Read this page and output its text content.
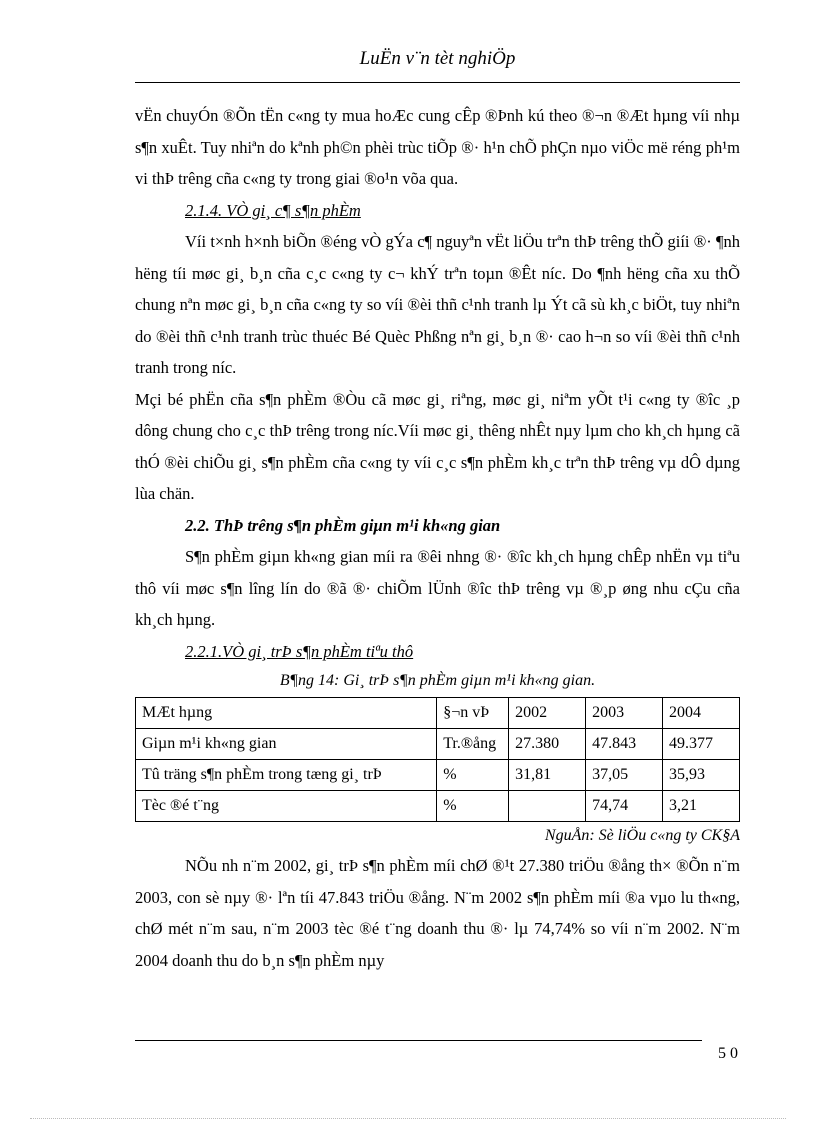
LuËn v¨n tèt nghiÖp

vËn chuyÓn ®Õn tËn c«ng ty mua hoÆc cung cÊp ®Þnh kú theo ®¬n ®Æt hµng víi nhµ s¶n xuÊt. Tuy nhiªn do kªnh ph©n phèi trùc tiÕp ®· h¹n chÕ phÇn nµo viÖc më réng ph¹m vi thÞ trêng cña c«ng ty trong giai ®o¹n võa qua.

2.1.4. VÒ gi¸ c¶ s¶n phÈm

Víi t×nh h×nh biÕn ®éng vÒ gÝa c¶ nguyªn vËt liÖu trªn thÞ trêng thÕ giíi ®· ¶nh hëng tíi møc gi¸ b¸n cña c¸c c«ng ty c¬ khÝ trªn toµn ®Êt níc. Do ¶nh hëng cña xu thÕ chung nªn møc gi¸ b¸n cña c«ng ty so víi ®èi thñ c¹nh tranh lµ Ýt cã sù kh¸c biÖt, tuy nhiªn do ®èi thñ c¹nh tranh trùc thuéc Bé Quèc Phßng nªn gi¸ b¸n ®· cao h¬n so víi ®èi thñ c¹nh tranh trong níc.

Mçi bé phËn cña s¶n phÈm ®Òu cã møc gi¸ riªng, møc gi¸ niªm yÕt t¹i c«ng ty ®îc ¸p dông chung cho c¸c thÞ trêng trong níc.Víi møc gi¸ thêng nhÊt nµy lµm cho kh¸ch hµng cã thÓ ®èi chiÕu gi¸ s¶n phÈm cña c«ng ty víi c¸c s¶n phÈm kh¸c trªn thÞ trêng vµ dÔ dµng lùa chän.

2.2. ThÞ trêng s¶n phÈm giµn m¹i kh«ng gian

S¶n phÈm giµn kh«ng gian míi ra ®êi nhng ®· ®îc kh¸ch hµng chÊp nhËn vµ tiªu thô víi møc s¶n lîng lín do ®ã ®· chiÕm lÜnh ®îc thÞ trêng vµ ®¸p øng nhu cÇu cña kh¸ch hµng.

2.2.1.VÒ gi¸ trÞ s¶n phÈm tiªu thô

B¶ng 14: Gi¸ trÞ s¶n phÈm giµn m¹i kh«ng gian.

MÆt hµng	§¬n vÞ	2002	2003	2004
Giµn m¹i kh«ng gian	Tr.®ång	27.380	47.843	49.377
Tû träng s¶n phÈm trong tæng gi¸ trÞ	%	31,81	37,05	35,93
Tèc ®é t¨ng	%		74,74	3,21

NguÅn: Sè liÖu c«ng ty CK§A

NÕu nh n¨m 2002, gi¸ trÞ s¶n phÈm míi chØ ®¹t 27.380 triÖu ®ång th× ®Õn n¨m 2003, con sè nµy ®· lªn tíi 47.843 triÖu ®ång. N¨m 2002 s¶n phÈm míi ®a vµo lu th«ng, chØ mét n¨m sau, n¨m 2003 tèc ®é t¨ng doanh thu ®· lµ 74,74% so víi n¨m 2002. N¨m 2004 doanh thu do b¸n s¶n phÈm nµy

5 0
